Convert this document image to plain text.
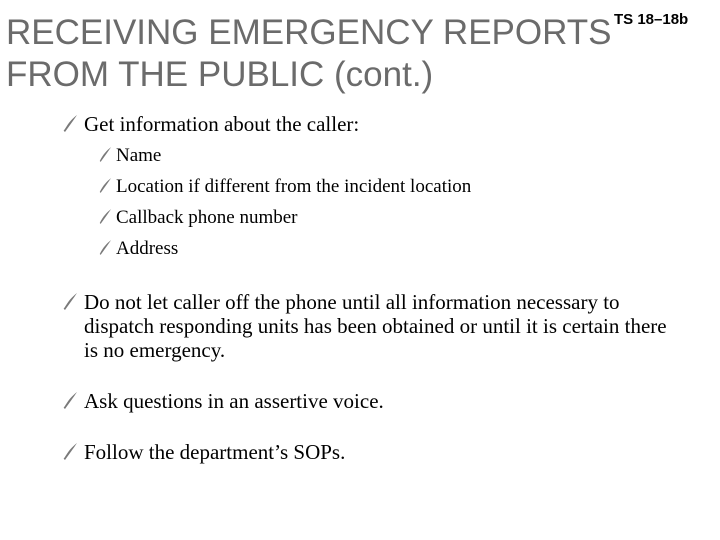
RECEIVING EMERGENCY REPORTS FROM THE PUBLIC (cont.)
TS 18–18b
Get information about the caller:
Name
Location if different from the incident location
Callback phone number
Address
Do not let caller off the phone until all information necessary to dispatch responding units has been obtained or until it is certain there is no emergency.
Ask questions in an assertive voice.
Follow the department’s SOPs.
